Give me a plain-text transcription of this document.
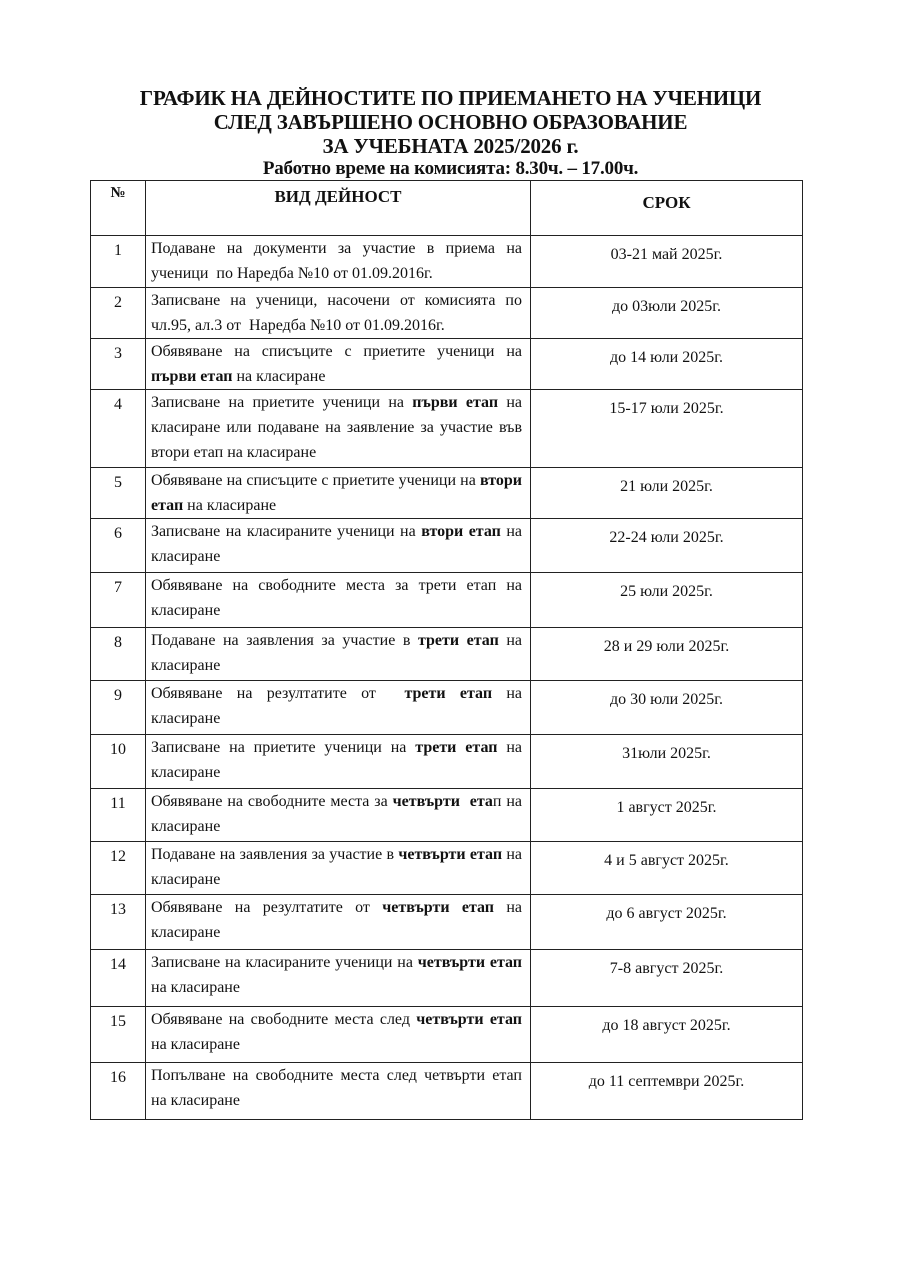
ГРАФИК НА ДЕЙНОСТИТЕ ПО ПРИЕМАНЕТО НА УЧЕНИЦИ
СЛЕД ЗАВЪРШЕНО ОСНОВНО ОБРАЗОВАНИЕ
ЗА УЧЕБНАТА 2025/2026 г.
Работно време на комисията: 8.30ч. – 17.00ч.
№	ВИД ДЕЙНОСТ	СРОК
1	Подаване на документи за участие в приема на ученици  по Наредба №10 от 01.09.2016г.	03-21 май 2025г.
2	Записване на ученици, насочени от комисията по чл.95, ал.3 от  Наредба №10 от 01.09.2016г.	до 03юли 2025г.
3	Обявяване на списъците с приетите ученици на първи етап на класиране	до 14 юли 2025г.
4	Записване на приетите ученици на първи етап на класиране или подаване на заявление за участие във втори етап на класиране	15-17 юли 2025г.
5	Обявяване на списъците с приетите ученици на втори етап на класиране	21 юли 2025г.
6	Записване на класираните ученици на втори етап на класиране	22-24 юли 2025г.
7	Обявяване на свободните места за трети етап на класиране	25 юли 2025г.
8	Подаване на заявления за участие в трети етап на класиране	28 и 29 юли 2025г.
9	Обявяване на резултатите от  трети етап на класиране	до 30 юли 2025г.
10	Записване на приетите ученици на трети етап на класиране	31юли 2025г.
11	Обявяване на свободните места за четвърти  етап на класиране	1 август 2025г.
12	Подаване на заявления за участие в четвърти етап на класиране	4 и 5 август 2025г.
13	Обявяване на резултатите от четвърти етап на класиране	до 6 август 2025г.
14	Записване на класираните ученици на четвърти етап на класиране	7-8 август 2025г.
15	Обявяване на свободните места след четвърти етап на класиране	до 18 август 2025г.
16	Попълване на свободните места след четвърти етап на класиране	до 11 септември 2025г.
